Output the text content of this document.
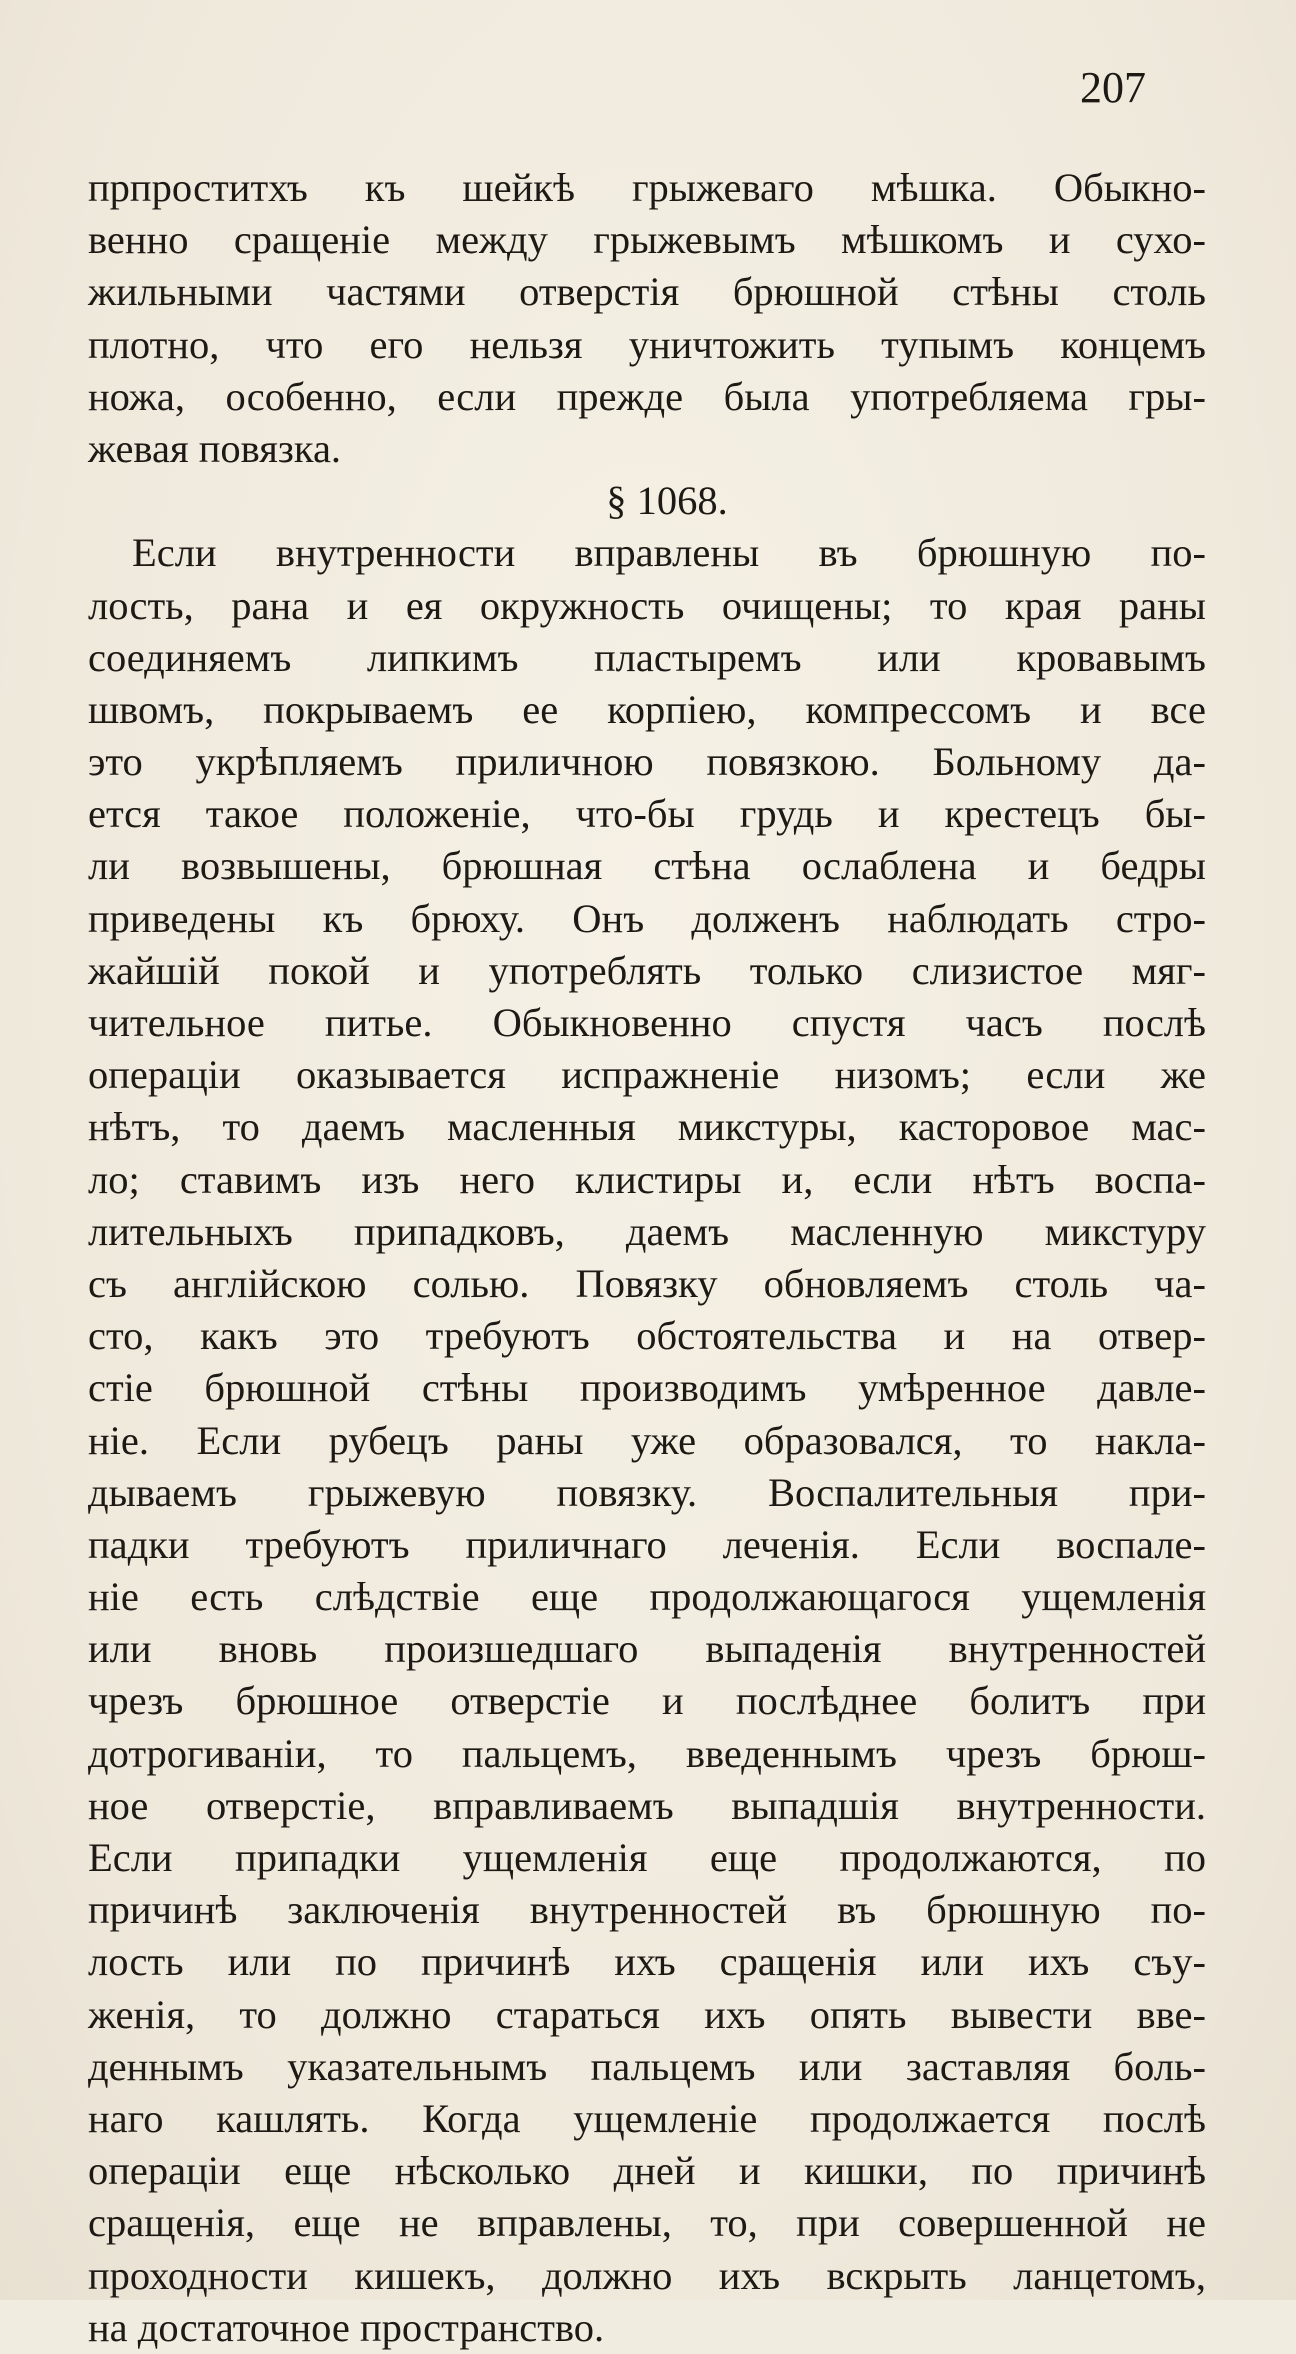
207
прпроститхъ къ шейкѣ грыжеваго мѣшка. Обыкно-
венно сращеніе между грыжевымъ мѣшкомъ и сухо-
жильными частями отверстія брюшной стѣны столь
плотно, что его нельзя уничтожить тупымъ концемъ
ножа, особенно, если прежде была употребляема гры-
жевая повязка.
§ 1068.
Если внутренности вправлены въ брюшную по-
лость, рана и ея окружность очищены; то края раны
соединяемъ липкимъ пластыремъ или кровавымъ
швомъ, покрываемъ ее корпіею, компрессомъ и все
это укрѣпляемъ приличною повязкою. Больному да-
ется такое положеніе, что-бы грудь и крестецъ бы-
ли возвышены, брюшная стѣна ослаблена и бедры
приведены къ брюху. Онъ долженъ наблюдать стро-
жайшій покой и употреблять только слизистое мяг-
чительное питье. Обыкновенно спустя часъ послѣ
операціи оказывается испражненіе низомъ; если же
нѣтъ, то даемъ масленныя микстуры, касторовое мас-
ло; ставимъ изъ него клистиры и, если нѣтъ воспа-
лительныхъ припадковъ, даемъ масленную микстуру
съ англійскою солью. Повязку обновляемъ столь ча-
сто, какъ это требуютъ обстоятельства и на отвер-
стіе брюшной стѣны производимъ умѣренное давле-
ніе. Если рубецъ раны уже образовался, то накла-
дываемъ грыжевую повязку. Воспалительныя при-
падки требуютъ приличнаго леченія. Если воспале-
ніе есть слѣдствіе еще продолжающагося ущемленія
или вновь произшедшаго выпаденія внутренностей
чрезъ брюшное отверстіе и послѣднее болитъ при
дотрогиваніи, то пальцемъ, введеннымъ чрезъ брюш-
ное отверстіе, вправливаемъ выпадшія внутренности.
Если припадки ущемленія еще продолжаются, по
причинѣ заключенія внутренностей въ брюшную по-
лость или по причинѣ ихъ сращенія или ихъ съу-
женія, то должно стараться ихъ опять вывести вве-
деннымъ указательнымъ пальцемъ или заставляя боль-
наго кашлять. Когда ущемленіе продолжается послѣ
операціи еще нѣсколько дней и кишки, по причинѣ
сращенія, еще не вправлены, то, при совершенной не
проходности кишекъ, должно ихъ вскрыть ланцетомъ,
на достаточное пространство.
